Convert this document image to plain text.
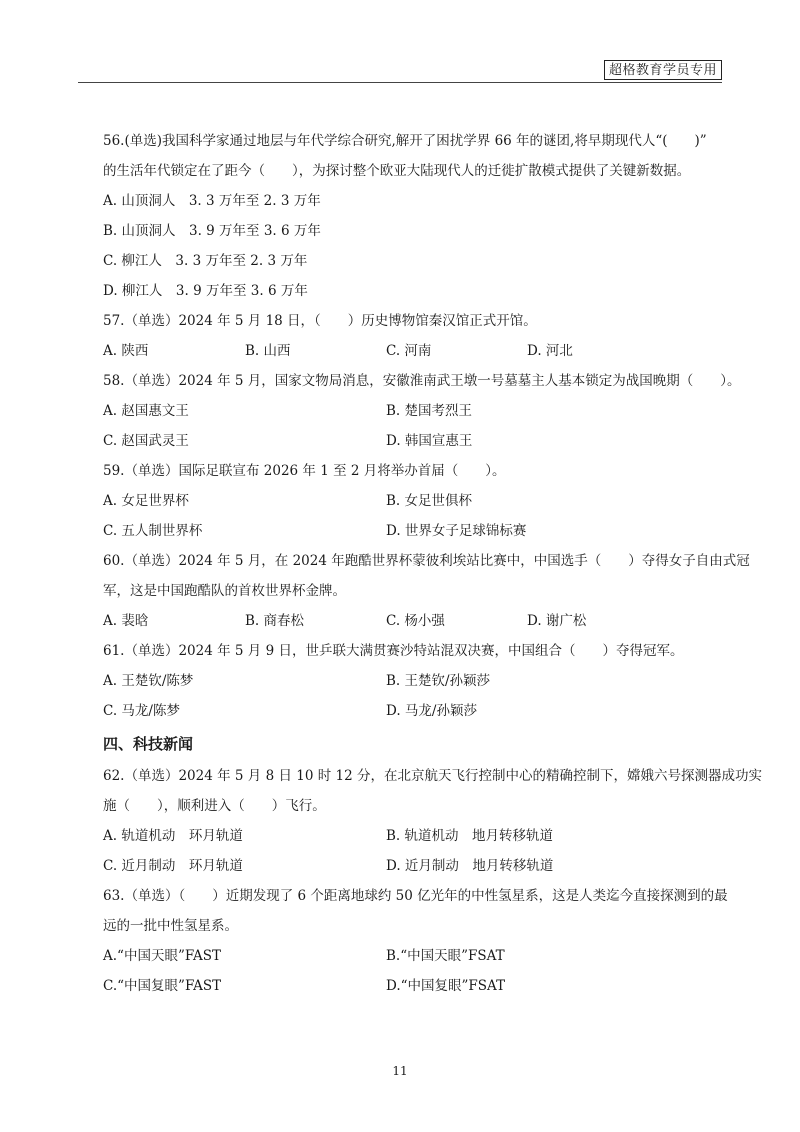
超格教育学员专用
56.(单选)我国科学家通过地层与年代学综合研究,解开了困扰学界 66 年的谜团,将早期现代人“(　　)”
的生活年代锁定在了距今（　　），为探讨整个欧亚大陆现代人的迁徙扩散模式提供了关键新数据。
A. 山顶洞人　3. 3 万年至 2. 3 万年
B. 山顶洞人　3. 9 万年至 3. 6 万年
C. 柳江人　3. 3 万年至 2. 3 万年
D. 柳江人　3. 9 万年至 3. 6 万年
57.（单选）2024 年 5 月 18 日，（　　）历史博物馆秦汉馆正式开馆。
A. 陕西	B. 山西	C. 河南	D. 河北
58.（单选）2024 年 5 月，国家文物局消息，安徽淮南武王墩一号墓墓主人基本锁定为战国晚期（　　）。
A. 赵国惠文王	B. 楚国考烈王
C. 赵国武灵王	D. 韩国宣惠王
59.（单选）国际足联宣布 2026 年 1 至 2 月将举办首届（　　）。
A. 女足世界杯	B. 女足世俱杯
C. 五人制世界杯	D. 世界女子足球锦标赛
60.（单选）2024 年 5 月，在 2024 年跑酷世界杯蒙彼利埃站比赛中，中国选手（　　）夺得女子自由式冠
军，这是中国跑酷队的首枚世界杯金牌。
A. 裴晗	B. 商春松	C. 杨小强	D. 谢广松
61.（单选）2024 年 5 月 9 日，世乒联大满贯赛沙特站混双决赛，中国组合（　　）夺得冠军。
A. 王楚钦/陈梦	B. 王楚钦/孙颖莎
C. 马龙/陈梦	D. 马龙/孙颖莎
四、科技新闻
62.（单选）2024 年 5 月 8 日 10 时 12 分，在北京航天飞行控制中心的精确控制下，嫦娥六号探测器成功实
施（　　），顺利进入（　　）飞行。
A. 轨道机动　环月轨道	B. 轨道机动　地月转移轨道
C. 近月制动　环月轨道	D. 近月制动　地月转移轨道
63.（单选）（　　）近期发现了 6 个距离地球约 50 亿光年的中性氢星系，这是人类迄今直接探测到的最
远的一批中性氢星系。
A.“中国天眼”FAST	B.“中国天眼”FSAT
C.“中国复眼”FAST	D.“中国复眼”FSAT
11
